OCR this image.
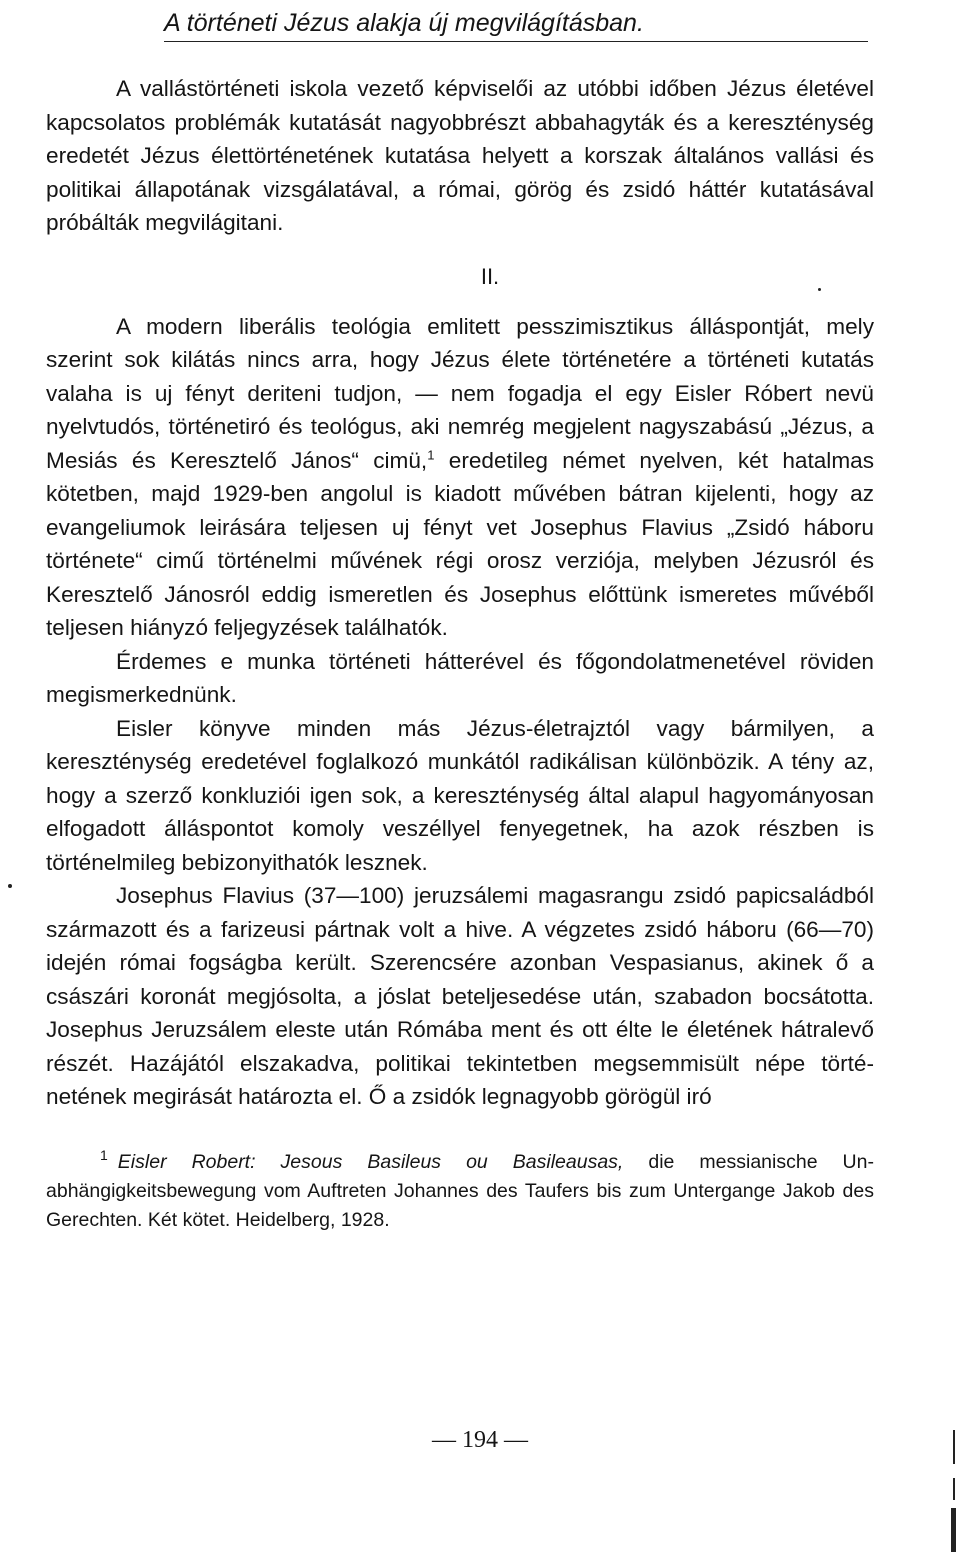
A történeti Jézus alakja új megvilágításban.

A vallástörténeti iskola vezető képviselői az utóbbi időben Jézus életével kapcsolatos problémák kutatását nagyobbrészt abbahagyták és a kereszténység eredetét Jézus élettörténetének kutatása helyett a korszak általános vallási és politikai állapotának vizsgálatával, a római, görög és zsidó háttér kutatásával próbálták megvilágitani.

II.

A modern liberális teológia emlitett pesszimisztikus álláspontját, mely szerint sok kilátás nincs arra, hogy Jézus élete történetére a történeti kutatás valaha is uj fényt deriteni tudjon, — nem fogadja el egy Eisler Róbert nevü nyelvtudós, történetiró és teológus, aki nemrég megjelent nagyszabású „Jézus, a Mesiás és Keresztelő János“ cimü,$^1$ eredetileg német nyelven, két hatalmas kötetben, majd 1929-ben angolul is kiadott művében bátran kijelenti, hogy az evangeliumok leirására teljesen uj fényt vet Josephus Flavius „Zsidó háboru története“ cimű történelmi művének régi orosz verziója, melyben Jézusról és Keresztelő Jánosról eddig ismeretlen és Josephus előttünk ismeretes művéből teljesen hiányzó feljegyzések találhatók.

Érdemes e munka történeti hátterével és főgondolatmenetével röviden megismerkednünk.

Eisler könyve minden más Jézus-életrajztól vagy bármilyen, a kereszténység eredetével foglalkozó munkától radikálisan különbözik. A tény az, hogy a szerző konkluziói igen sok, a kereszténység által alapul hagyományosan elfogadott álláspontot komoly veszéllyel fenyegetnek, ha azok részben is történelmileg bebizonyithatók lesznek.

Josephus Flavius (37—100) jeruzsálemi magasrangu zsidó papicsaládból származott és a farizeusi pártnak volt a hive. A végzetes zsidó háboru (66—70) idején római fogságba került. Szerencsére azonban Vespasianus, akinek ő a császári koronát megjósolta, a jóslat beteljesedése után, szabadon bocsátotta. Josephus Jeruzsálem eleste után Rómába ment és ott élte le életének hátralevő részét. Hazájától elszakadva, politikai tekintetben megsemmisült népe történetének megirását határozta el. Ő a zsidók legnagyobb görögül iró

$^1$ Eisler Robert: Jesous Basileus ou Basileausas, die messianische Unabhängigkeitsbewegung vom Auftreten Johannes des Taufers bis zum Untergange Jakob des Gerechten. Két kötet. Heidelberg, 1928.
— 194 —
